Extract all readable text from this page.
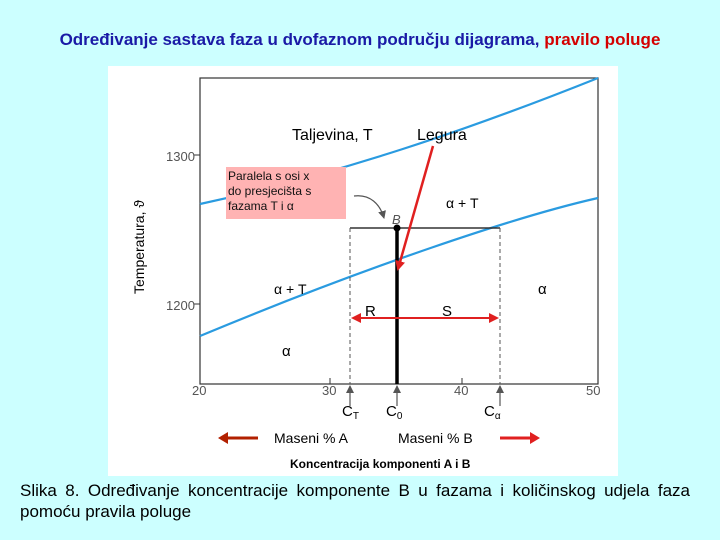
Određivanje sastava faza u dvofaznom području dijagrama, pravilo poluge
1300
1200
20	30	40	50
Temperatura, ϑ
Paralela s osi x do presjecišta s fazama T i α
Taljevina, T	Legura
α + T
α + T	α
α
B
R	S
$C_T$ $C_0$	$C_\alpha$
Maseni % A	Maseni % B
Koncentracija komponenti A i B
Slika 8. Određivanje koncentracije komponente B u fazama i količinskog udjela faza pomoću pravila poluge
